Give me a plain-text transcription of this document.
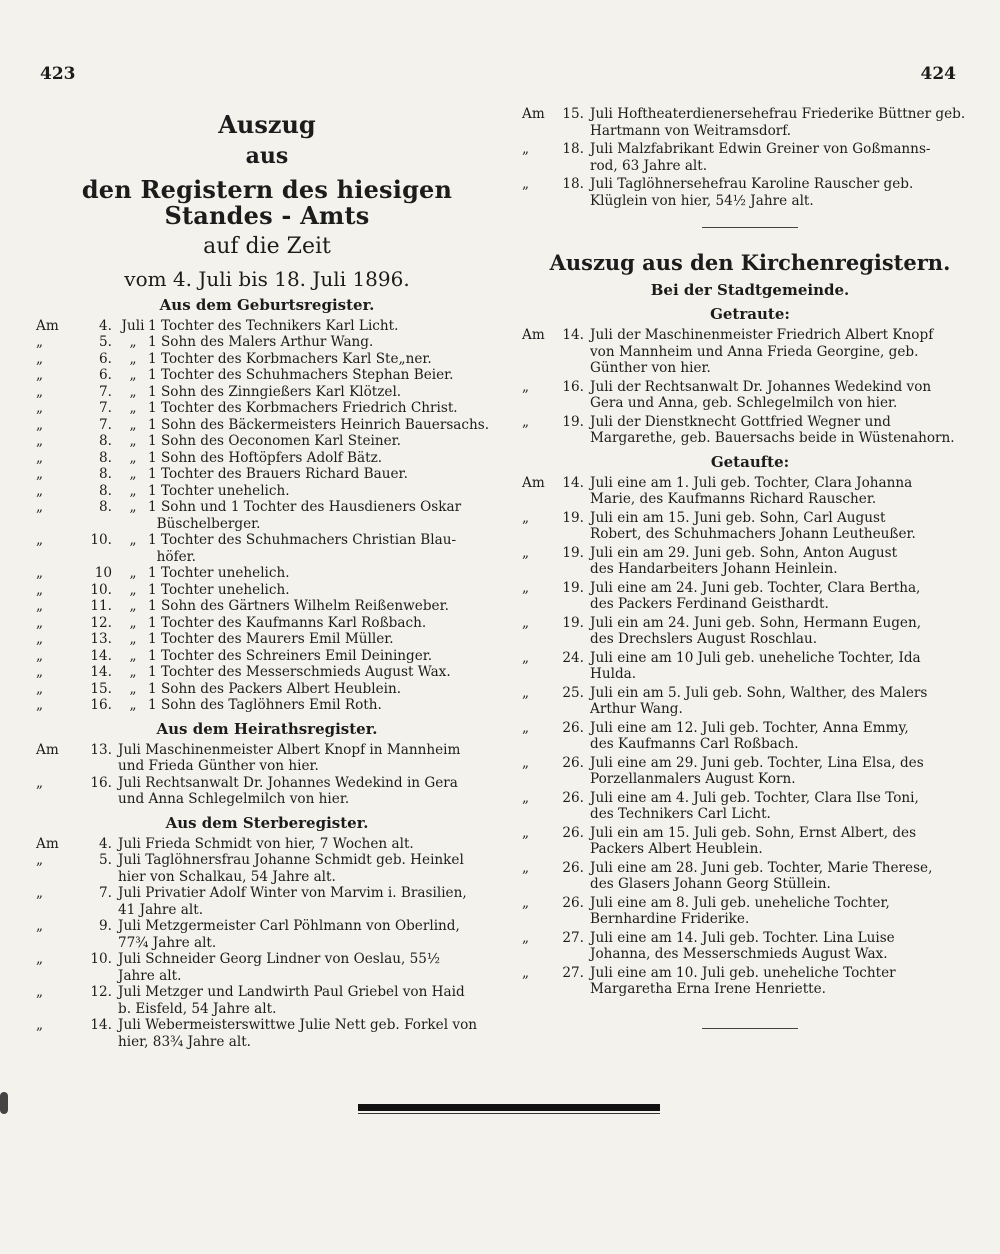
423	424
Auszug
aus
den Registern des hiesigen Standes - Amts
auf die Zeit
vom 4. Juli bis 18. Juli 1896.
Aus dem Geburtsregister.
Am	4. Juli 1 Tochter des Technikers Karl Licht.
„	5.	„ 1 Sohn des Malers Arthur Wang.
„	6.	„ 1 Tochter des Korbmachers Karl Ste„ner.
„	6.	„ 1 Tochter des Schuhmachers Stephan Beier.
„	7.	„ 1 Sohn des Zinngießers Karl Klötzel.
„	7.	„ 1 Tochter des Korbmachers Friedrich Christ.
„	7.	„ 1 Sohn des Bäckermeisters Heinrich Bauersachs.
„	8.	„ 1 Sohn des Oeconomen Karl Steiner.
„	8.	„ 1 Sohn des Hoftöpfers Adolf Bätz.
„	8.	„ 1 Tochter des Brauers Richard Bauer.
„	8.	„ 1 Tochter unehelich.
„	8.	„ 1 Sohn und 1 Tochter des Hausdieners Oskar
Büschelberger.
„	10.	„ 1 Tochter des Schuhmachers Christian Blau-
höfer.
„	10	„ 1 Tochter unehelich.
„	10.	„ 1 Tochter unehelich.
„	11.	„ 1 Sohn des Gärtners Wilhelm Reißenweber.
„	12.	„ 1 Tochter des Kaufmanns Karl Roßbach.
„	13.	„ 1 Tochter des Maurers Emil Müller.
„	14.	„ 1 Tochter des Schreiners Emil Deininger.
„	14.	„ 1 Tochter des Messerschmieds August Wax.
„	15.	„ 1 Sohn des Packers Albert Heublein.
„	16.	„ 1 Sohn des Taglöhners Emil Roth.
Aus dem Heirathsregister.
Am	13. Juli Maschinenmeister Albert Knopf in Mannheim
und Frieda Günther von hier.
„	16. Juli Rechtsanwalt Dr. Johannes Wedekind in Gera
und Anna Schlegelmilch von hier.
Aus dem Sterberegister.
Am	4. Juli Frieda Schmidt von hier, 7 Wochen alt.
„	5. Juli Taglöhnersfrau Johanne Schmidt geb. Heinkel
hier von Schalkau, 54 Jahre alt.
„	7. Juli Privatier Adolf Winter von Marvim i. Brasilien,
41 Jahre alt.
„	9. Juli Metzgermeister Carl Pöhlmann von Oberlind,
77¾ Jahre alt.
„	10. Juli Schneider Georg Lindner von Oeslau, 55½
Jahre alt.
„	12. Juli Metzger und Landwirth Paul Griebel von Haid
b. Eisfeld, 54 Jahre alt.
„	14. Juli Webermeisterswittwe Julie Nett geb. Forkel von
hier, 83¾ Jahre alt.
Am	15. Juli Hoftheaterdienersehefrau Friederike Büttner geb.
Hartmann von Weitramsdorf.
„	18. Juli Malzfabrikant Edwin Greiner von Goßmanns-
rod, 63 Jahre alt.
„	18. Juli Taglöhnersehefrau Karoline Rauscher geb.
Klüglein von hier, 54½ Jahre alt.
Auszug aus den Kirchenregistern.
Bei der Stadtgemeinde.
Getraute:
Am	14. Juli der Maschinenmeister Friedrich Albert Knopf
von Mannheim und Anna Frieda Georgine, geb.
Günther von hier.
„	16. Juli der Rechtsanwalt Dr. Johannes Wedekind von
Gera und Anna, geb. Schlegelmilch von hier.
„	19. Juli der Dienstknecht Gottfried Wegner und
Margarethe, geb. Bauersachs beide in Wüstenahorn.
Getaufte:
Am	14. Juli eine am 1. Juli geb. Tochter, Clara Johanna
Marie, des Kaufmanns Richard Rauscher.
„	19. Juli ein am 15. Juni geb. Sohn, Carl August
Robert, des Schuhmachers Johann Leutheußer.
„	19. Juli ein am 29. Juni geb. Sohn, Anton August
des Handarbeiters Johann Heinlein.
„	19. Juli eine am 24. Juni geb. Tochter, Clara Bertha,
des Packers Ferdinand Geisthardt.
„	19. Juli ein am 24. Juni geb. Sohn, Hermann Eugen,
des Drechslers August Roschlau.
„	24. Juli eine am 10 Juli geb. uneheliche Tochter, Ida
Hulda.
„	25. Juli ein am 5. Juli geb. Sohn, Walther, des Malers
Arthur Wang.
„	26. Juli eine am 12. Juli geb. Tochter, Anna Emmy,
des Kaufmanns Carl Roßbach.
„	26. Juli eine am 29. Juni geb. Tochter, Lina Elsa, des
Porzellanmalers August Korn.
„	26. Juli eine am 4. Juli geb. Tochter, Clara Ilse Toni,
des Technikers Carl Licht.
„	26. Juli ein am 15. Juli geb. Sohn, Ernst Albert, des
Packers Albert Heublein.
„	26. Juli eine am 28. Juni geb. Tochter, Marie Therese,
des Glasers Johann Georg Stüllein.
„	26. Juli eine am 8. Juli geb. uneheliche Tochter,
Bernhardine Friderike.
„	27. Juli eine am 14. Juli geb. Tochter. Lina Luise
Johanna, des Messerschmieds August Wax.
„	27. Juli eine am 10. Juli geb. uneheliche Tochter
Margaretha Erna Irene Henriette.
